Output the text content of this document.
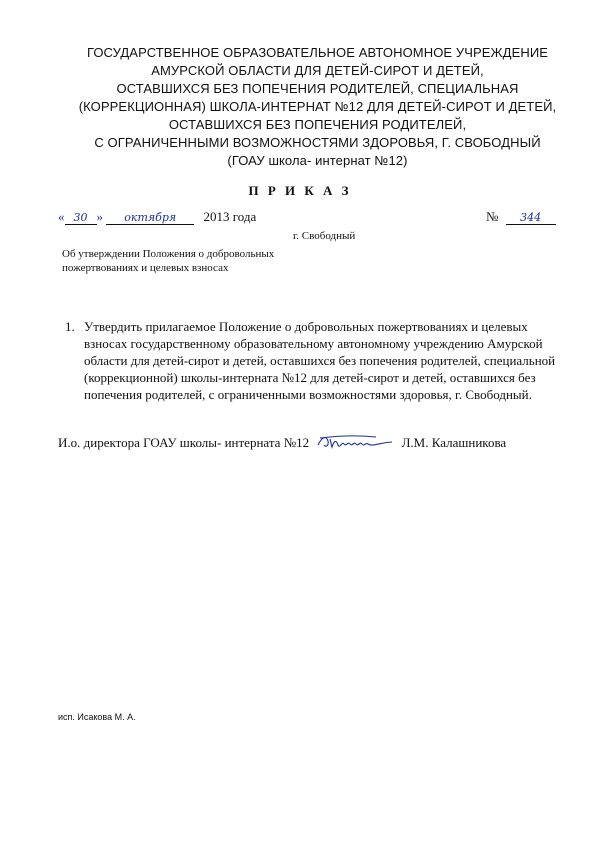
ГОСУДАРСТВЕННОЕ ОБРАЗОВАТЕЛЬНОЕ АВТОНОМНОЕ УЧРЕЖДЕНИЕ
АМУРСКОЙ ОБЛАСТИ ДЛЯ ДЕТЕЙ-СИРОТ И ДЕТЕЙ,
ОСТАВШИХСЯ БЕЗ ПОПЕЧЕНИЯ РОДИТЕЛЕЙ, СПЕЦИАЛЬНАЯ
(КОРРЕКЦИОННАЯ) ШКОЛА-ИНТЕРНАТ №12 ДЛЯ ДЕТЕЙ-СИРОТ И ДЕТЕЙ,
ОСТАВШИХСЯ БЕЗ ПОПЕЧЕНИЯ РОДИТЕЛЕЙ,
С ОГРАНИЧЕННЫМИ ВОЗМОЖНОСТЯМИ ЗДОРОВЬЯ, Г. СВОБОДНЫЙ
(ГОАУ школа- интернат №12)
П Р И К А З
« 30 » октября 2013 года	№ 344
г. Свободный
Об утверждении Положения о добровольных
пожертвованиях и целевых взносах
1. Утвердить прилагаемое Положение о добровольных пожертвованиях и целевых взносах государственному образовательному автономному учреждению Амурской области для детей-сирот и детей, оставшихся без попечения родителей, специальной (коррекционной) школы-интерната №12 для детей-сирот и детей, оставшихся без попечения родителей, с ограниченными возможностями здоровья, г. Свободный.
И.о. директора ГОАУ школы- интерната №12	Л.М. Калашникова
исп. Исакова М. А.
